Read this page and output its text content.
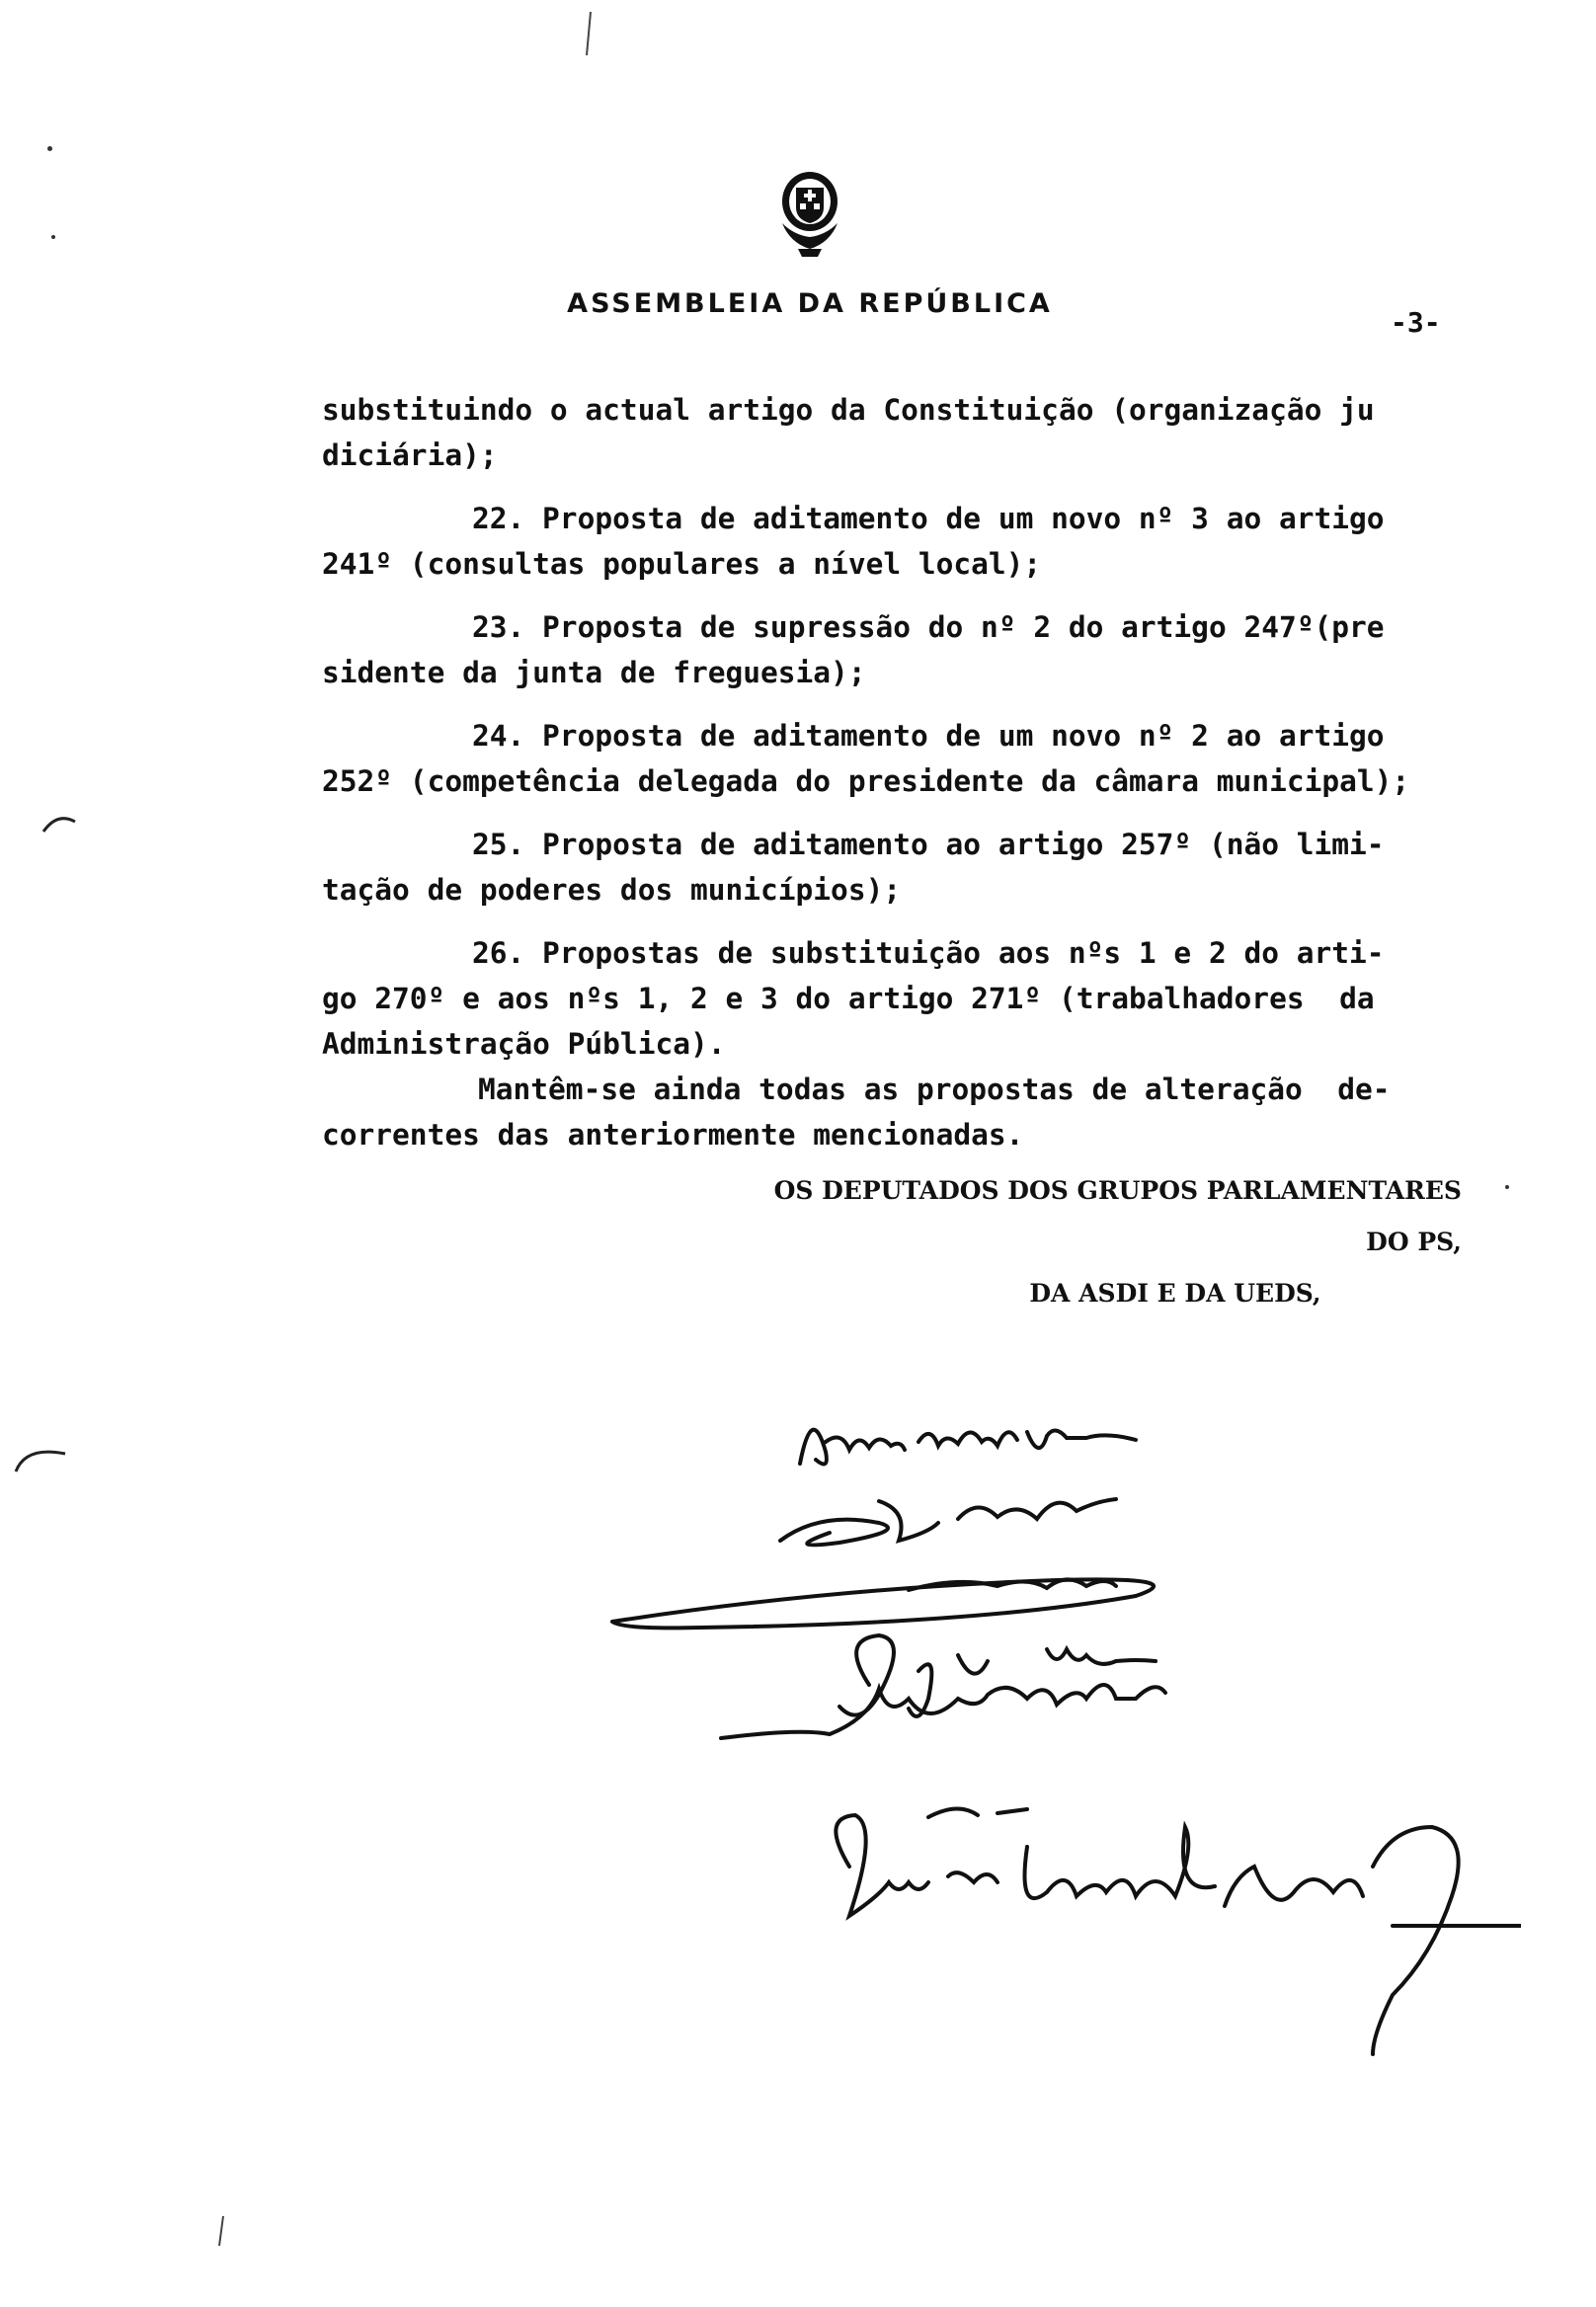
ASSEMBLEIA DA REPÚBLICA
-3-
substituindo o actual artigo da Constituição (organização ju
diciária);
22. Proposta de aditamento de um novo nº 3 ao artigo
241º (consultas populares a nível local);
23. Proposta de supressão do nº 2 do artigo 247º(pre
sidente da junta de freguesia);
24. Proposta de aditamento de um novo nº 2 ao artigo
252º (competência delegada do presidente da câmara municipal);
25. Proposta de aditamento ao artigo 257º (não limi-
tação de poderes dos municípios);
26. Propostas de substituição aos nºs 1 e 2 do arti-
go 270º e aos nºs 1, 2 e 3 do artigo 271º (trabalhadores  da
Administração Pública).
Mantêm-se ainda todas as propostas de alteração  de-
correntes das anteriormente mencionadas.
OS DEPUTADOS DOS GRUPOS PARLAMENTARES DO PS,
DA ASDI E DA UEDS,
